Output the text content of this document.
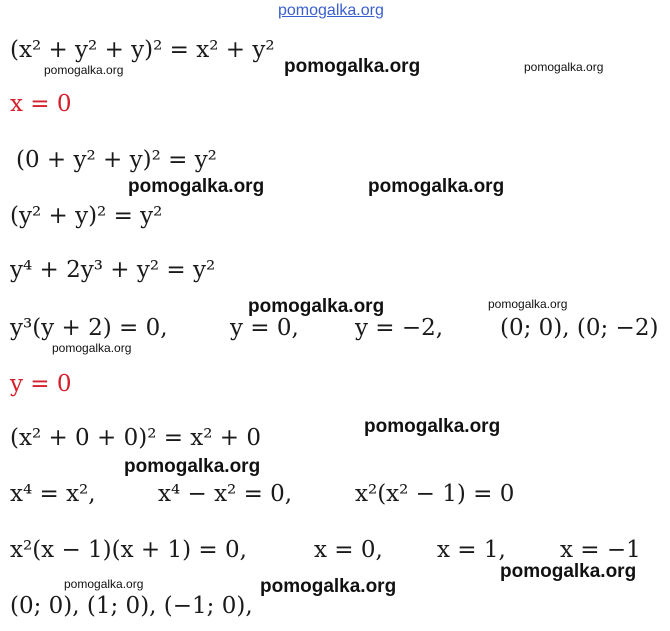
pomogalka.org
(x² + y² + y)² = x² + y²
x = 0
(0 + y² + y)² = y²
(y² + y)² = y²
y⁴ + 2y³ + y² = y²
y³(y + 2) = 0,	y = 0, y = −2, (0; 0), (0; −2)
y = 0
(x² + 0 + 0)² = x² + 0
x⁴ = x²,	x⁴ − x² = 0,	x²(x² − 1) = 0
x²(x − 1)(x + 1) = 0,	x = 0, x = 1, x = −1
(0; 0), (1; 0), (−1; 0),
pomogalka.org	pomogalka.org	pomogalka.org
pomogalka.org	pomogalka.org
pomogalka.org	pomogalka.org
pomogalka.org
pomogalka.org
pomogalka.org
pomogalka.org
pomogalka.org	pomogalka.org
